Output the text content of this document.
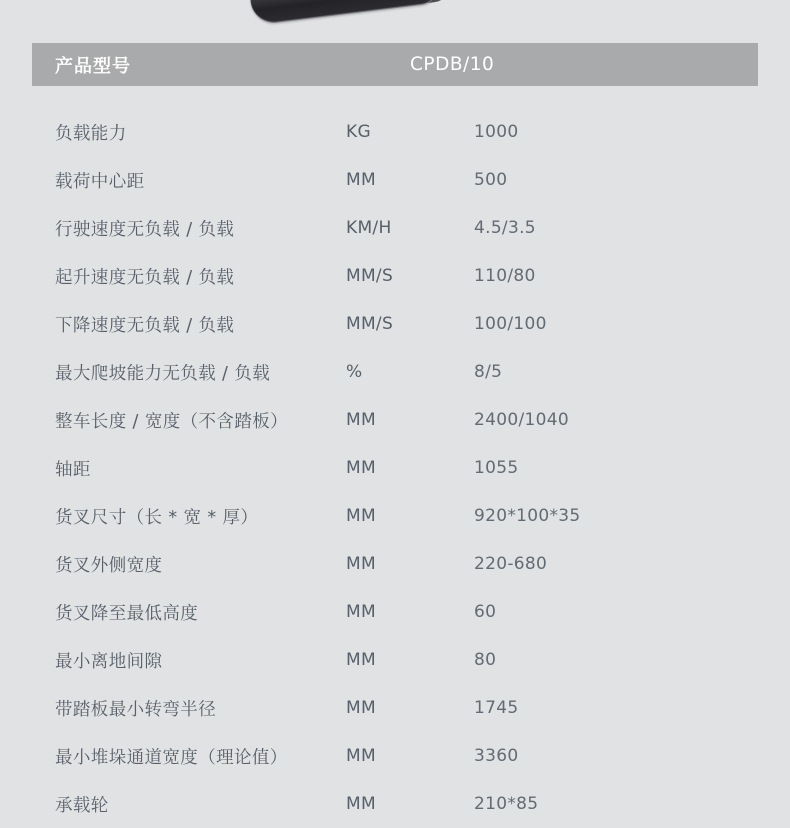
产品型号	CPDB/10
负载能力	KG	1000
载荷中心距	MM	500
行驶速度无负载 / 负载	KM/H	4.5/3.5
起升速度无负载 / 负载	MM/S	110/80
下降速度无负载 / 负载	MM/S	100/100
最大爬坡能力无负载 / 负载	%	8/5
整车长度 / 宽度（不含踏板）	MM	2400/1040
轴距	MM	1055
货叉尺寸（长 * 宽 * 厚）	MM	920*100*35
货叉外侧宽度	MM	220-680
货叉降至最低高度	MM	60
最小离地间隙	MM	80
带踏板最小转弯半径	MM	1745
最小堆垛通道宽度（理论值）	MM	3360
承载轮	MM	210*85
